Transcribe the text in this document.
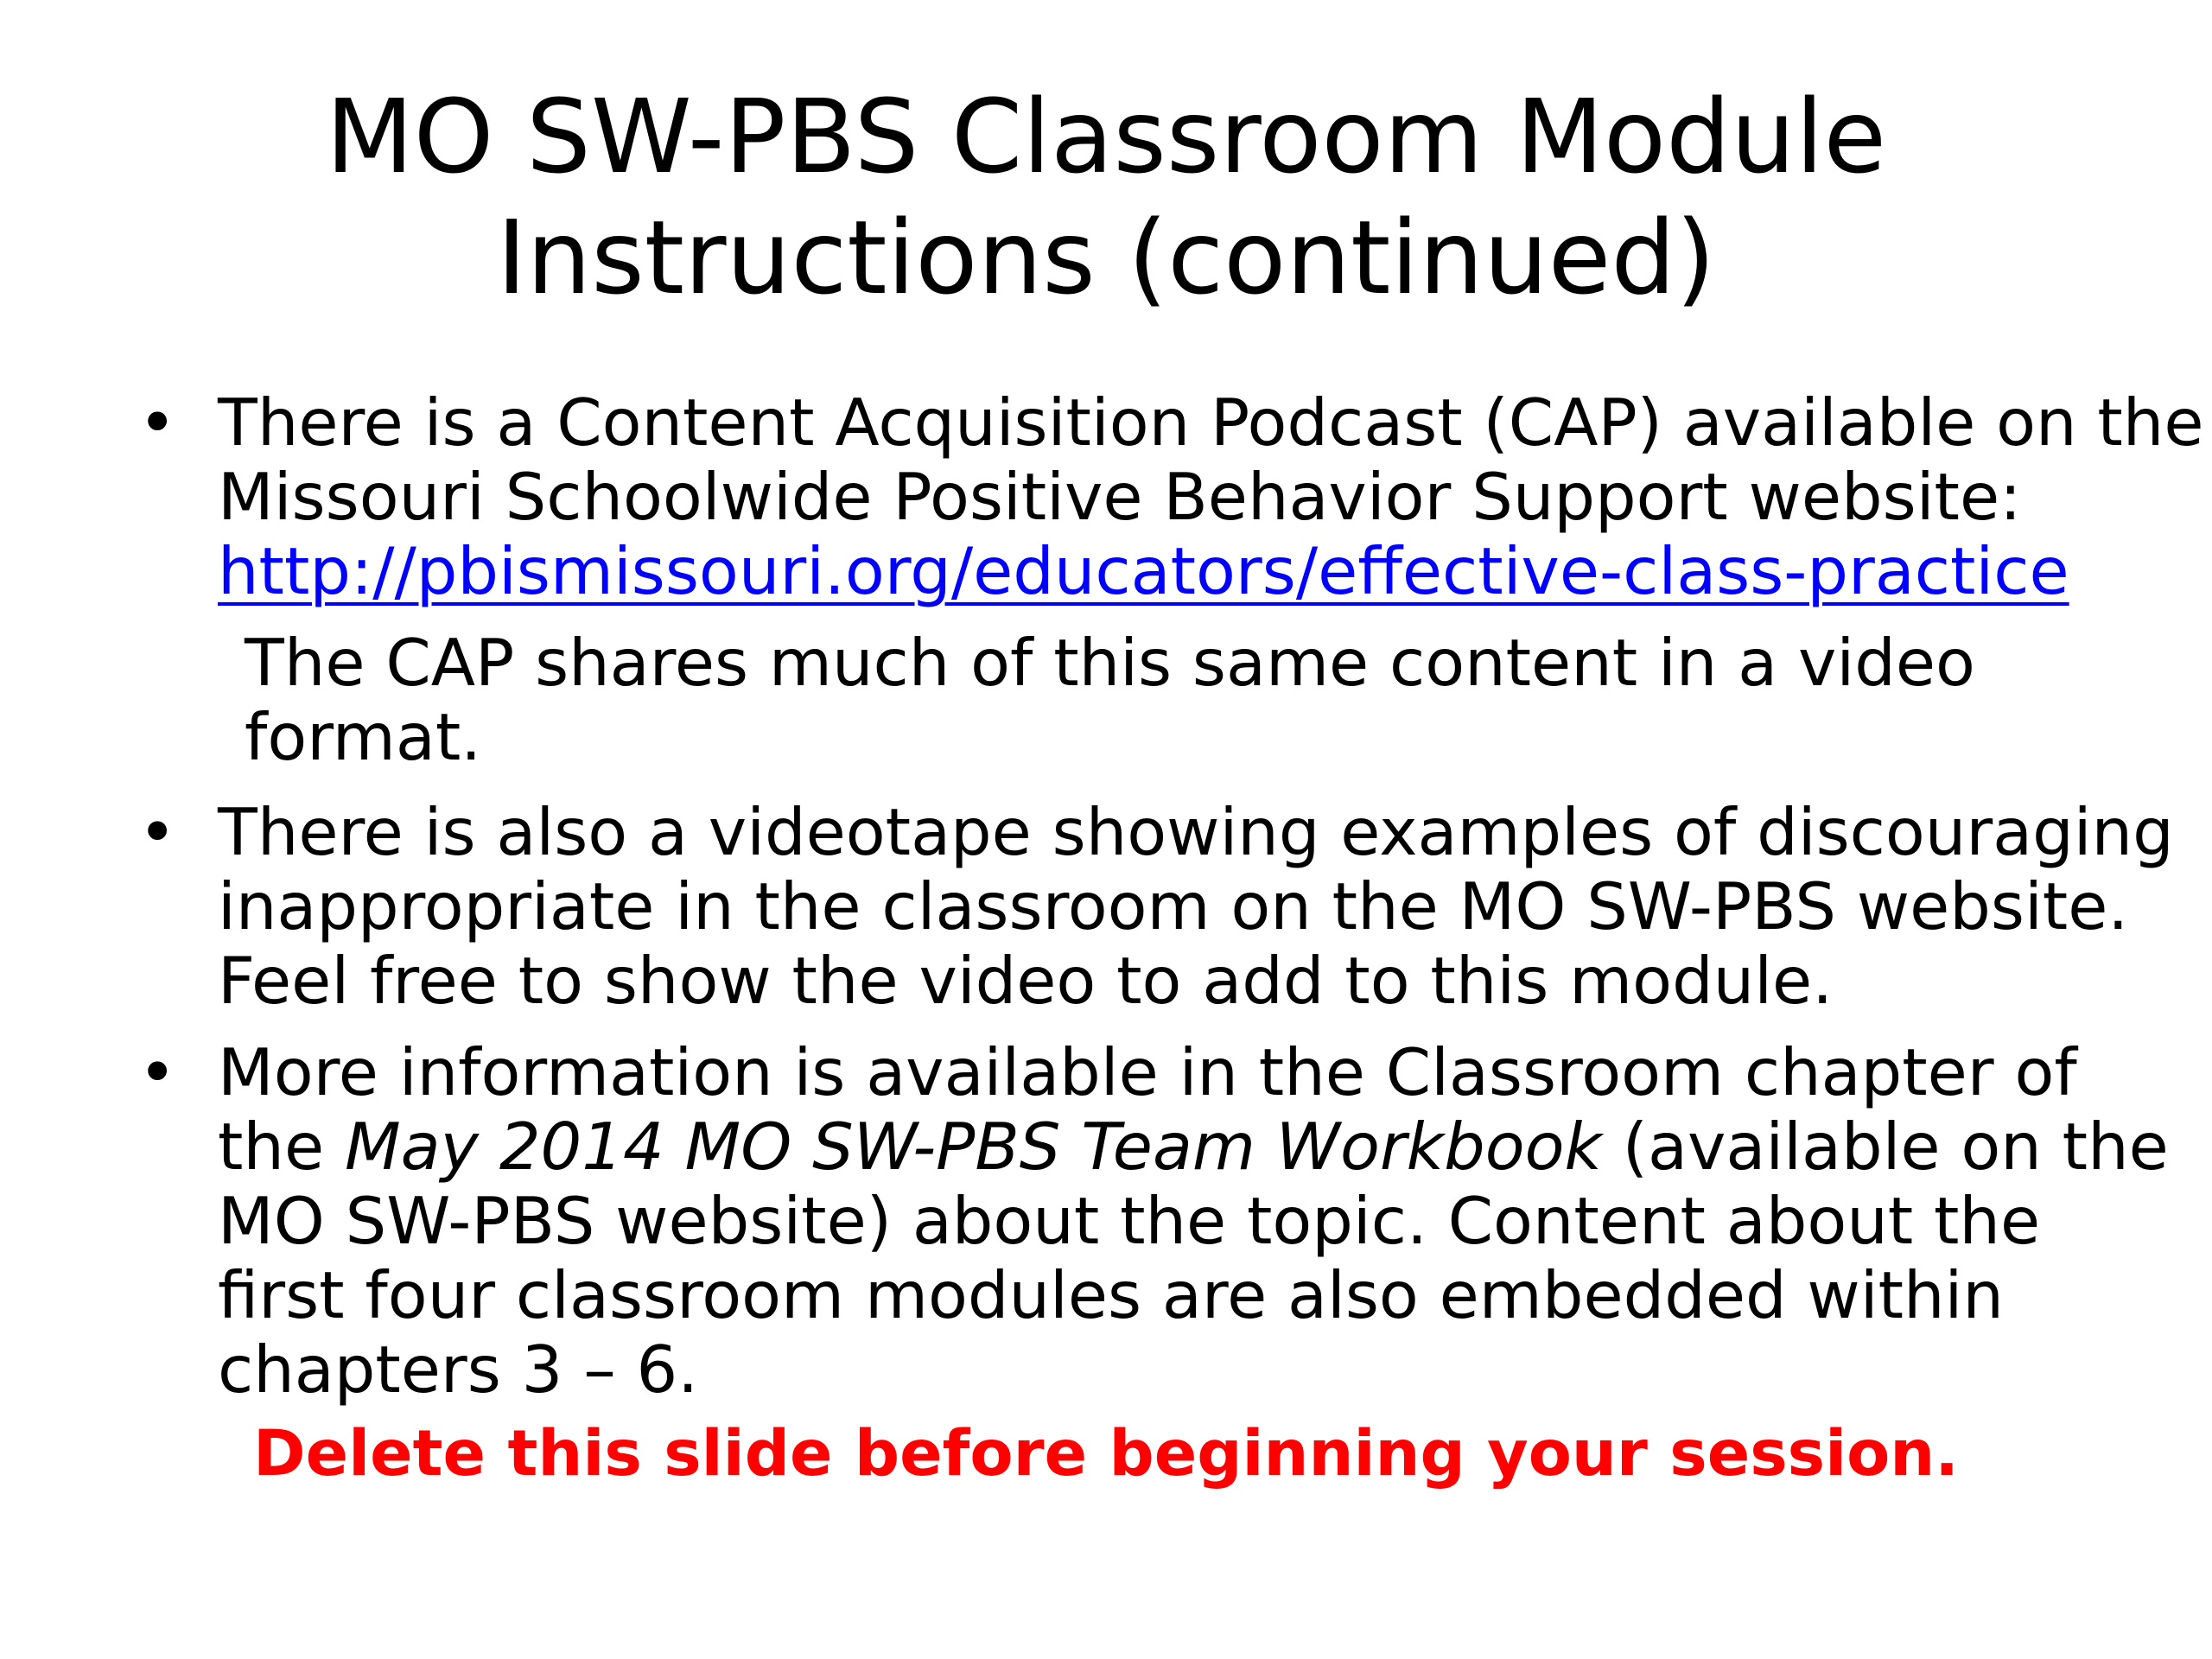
MO SW-PBS Classroom Module
Instructions (continued)
• There is a Content Acquisition Podcast (CAP) available on the
Missouri Schoolwide Positive Behavior Support website:
http://pbismissouri.org/educators/effective-class-practice
The CAP shares much of this same content in a video
format.
• There is also a videotape showing examples of discouraging
inappropriate in the classroom on the MO SW-PBS website.
Feel free to show the video to add to this module.
• More information is available in the Classroom chapter of
the May 2014 MO SW-PBS Team Workbook (available on the
MO SW-PBS website) about the topic. Content about the
first four classroom modules are also embedded within
chapters 3 – 6.
Delete this slide before beginning your session.
